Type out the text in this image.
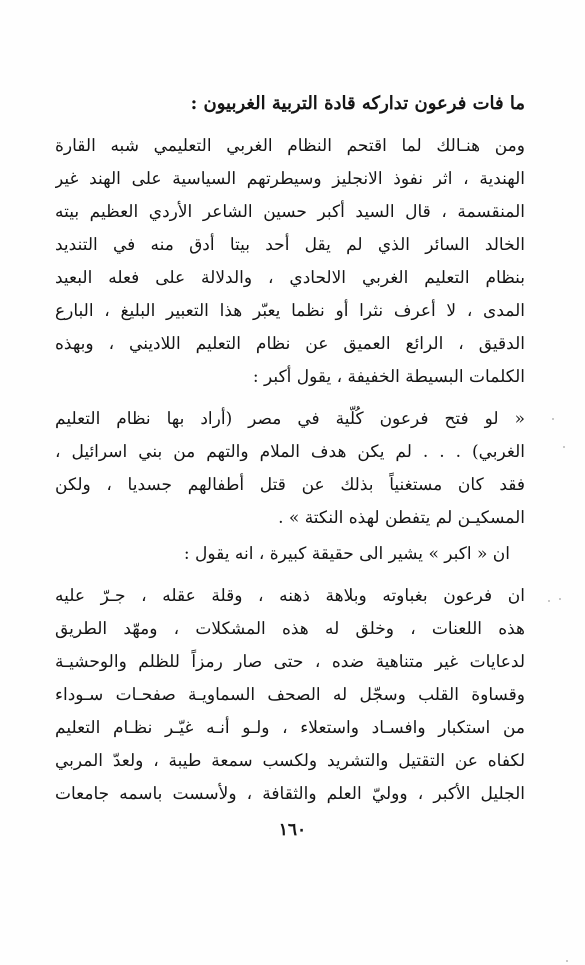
ما فات فرعون تداركه قادة التربية الغربيون :
ومن هنـالك لما اقتحم النظام الغربي التعليمي شبه القارة
الهندية ، اثر نفوذ الانجليز وسيطرتهم السياسية على الهند غير
المنقسمة ، قال السيد أكبر حسين الشاعر الأردي العظيم بيته
الخالد السائر الذي لم يقل أحد بيتا أدق منه في التنديد
بنظام التعليم الغربي الالحادي ، والدلالة على فعله البعيد
المدى ، لا أعرف نثرا أو نظما يعبّر هذا التعبير البليغ ، البارع
الدقيق ، الرائع العميق عن نظام التعليم اللاديني ، وبهذه
الكلمات البسيطة الخفيفة ، يقول أكبر :
« لو فتح فرعون كُلّية في مصر (أراد بها نظام التعليم
الغربي) . . . لم يكن هدف الملام والتهم من بني اسرائيل ،
فقد كان مستغنياً بذلك عن قتل أطفالهم جسديا ، ولكن
المسكيـن لم يتفطن لهذه النكتة » .
ان « اكبر » يشير الى حقيقة كبيرة ، انه يقول :
ان فرعون بغباوته وبلاهة ذهنه ، وقلة عقله ، جـرّ عليه
هذه اللعنات ، وخلق له هذه المشكلات ، ومهّد الطريق
لدعايات غير متناهية ضده ، حتى صار رمزاً للظلم والوحشيـة
وقساوة القلب وسجّل له الصحف السماويـة صفحـات سـوداء
من استكبار وافسـاد واستعلاء ، ولـو أنـه غيّـر نظـام التعليم
لكفاه عن التقتيل والتشريد ولكسب سمعة طيبة ، ولعدّ المربي
الجليل الأكبر ، ووليّ العلم والثقافة ، ولأسست باسمه جامعات
١٦٠
